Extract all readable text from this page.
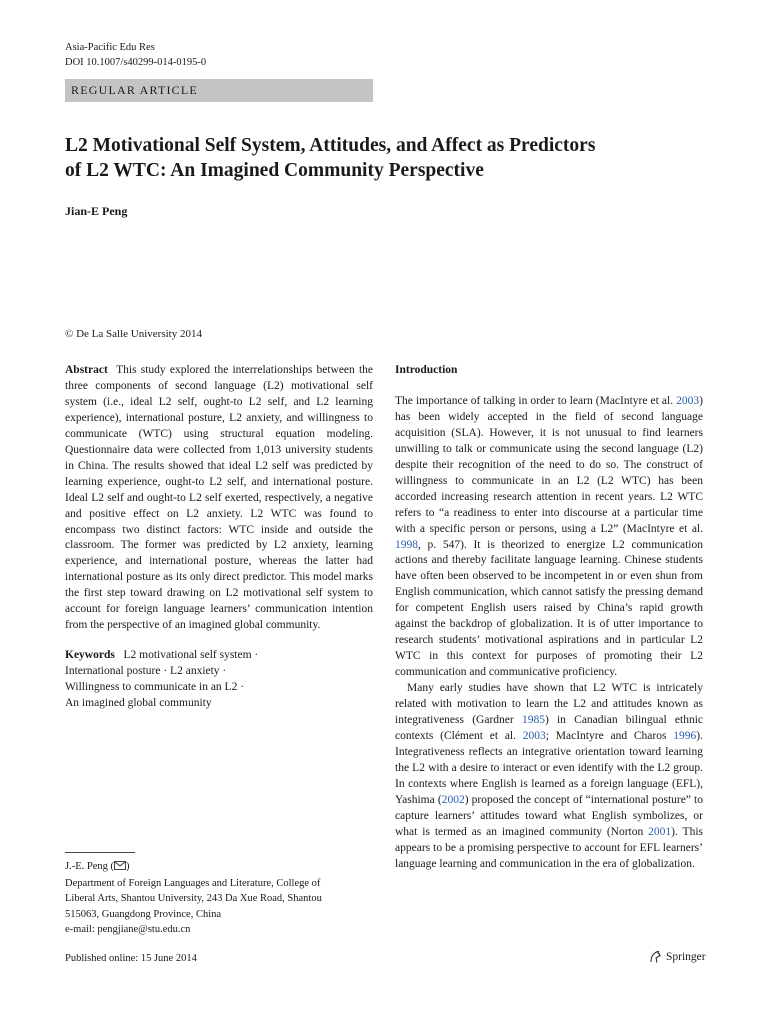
Asia-Pacific Edu Res
DOI 10.1007/s40299-014-0195-0
REGULAR ARTICLE
L2 Motivational Self System, Attitudes, and Affect as Predictors
of L2 WTC: An Imagined Community Perspective
Jian-E Peng
© De La Salle University 2014
Abstract This study explored the interrelationships between the three components of second language (L2) motivational self system (i.e., ideal L2 self, ought-to L2 self, and L2 learning experience), international posture, L2 anxiety, and willingness to communicate (WTC) using structural equation modeling. Questionnaire data were collected from 1,013 university students in China. The results showed that ideal L2 self was predicted by learning experience, ought-to L2 self, and international posture. Ideal L2 self and ought-to L2 self exerted, respectively, a negative and positive effect on L2 anxiety. L2 WTC was found to encompass two distinct factors: WTC inside and outside the classroom. The former was predicted by L2 anxiety, learning experience, and international posture, whereas the latter had international posture as its only direct predictor. This model marks the first step toward drawing on L2 motivational self system to account for foreign language learners’ communication intention from the perspective of an imagined global community.
Keywords L2 motivational self system ·
International posture · L2 anxiety ·
Willingness to communicate in an L2 ·
An imagined global community
Introduction

The importance of talking in order to learn (MacIntyre et al. 2003) has been widely accepted in the field of second language acquisition (SLA). However, it is not unusual to find learners unwilling to talk or communicate using the second language (L2) despite their recognition of the need to do so. The construct of willingness to communicate in an L2 (L2 WTC) has been accorded increasing research attention in recent years. L2 WTC refers to “a readiness to enter into discourse at a particular time with a specific person or persons, using a L2” (MacIntyre et al. 1998, p. 547). It is theorized to energize L2 communication actions and thereby facilitate language learning. Chinese students have often been observed to be incompetent in or even shun from English communication, which cannot satisfy the pressing demand for competent English users raised by China’s rapid growth against the backdrop of globalization. It is of utter importance to research students’ motivational aspirations and in particular L2 WTC in this context for purposes of promoting their L2 communication and communicative proficiency.

Many early studies have shown that L2 WTC is intricately related with motivation to learn the L2 and attitudes known as integrativeness (Gardner 1985) in Canadian bilingual ethnic contexts (Clément et al. 2003; MacIntyre and Charos 1996). Integrativeness reflects an integrative orientation toward learning the L2 with a desire to interact or even identify with the L2 group. In contexts where English is learned as a foreign language (EFL), Yashima (2002) proposed the concept of “international posture” to capture learners’ attitudes toward what English symbolizes, or what is termed as an imagined community (Norton 2001). This appears to be a promising perspective to account for EFL learners’ language learning and communication in the era of globalization.

J.-E. Peng ( )
Department of Foreign Languages and Literature, College of
Liberal Arts, Shantou University, 243 Da Xue Road, Shantou
515063, Guangdong Province, China
e-mail: pengjiane@stu.edu.cn
Published online: 15 June 2014	Springer
